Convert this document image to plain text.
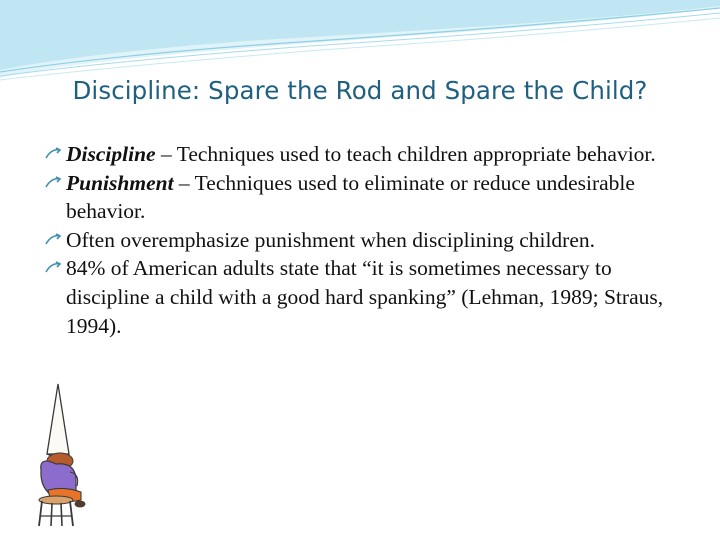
Discipline: Spare the Rod and Spare the Child?
Discipline – Techniques used to teach children appropriate behavior.
Punishment – Techniques used to eliminate or reduce undesirable behavior.
Often overemphasize punishment when disciplining children.
84% of American adults state that “it is sometimes necessary to discipline a child with a good hard spanking” (Lehman, 1989; Straus, 1994).
